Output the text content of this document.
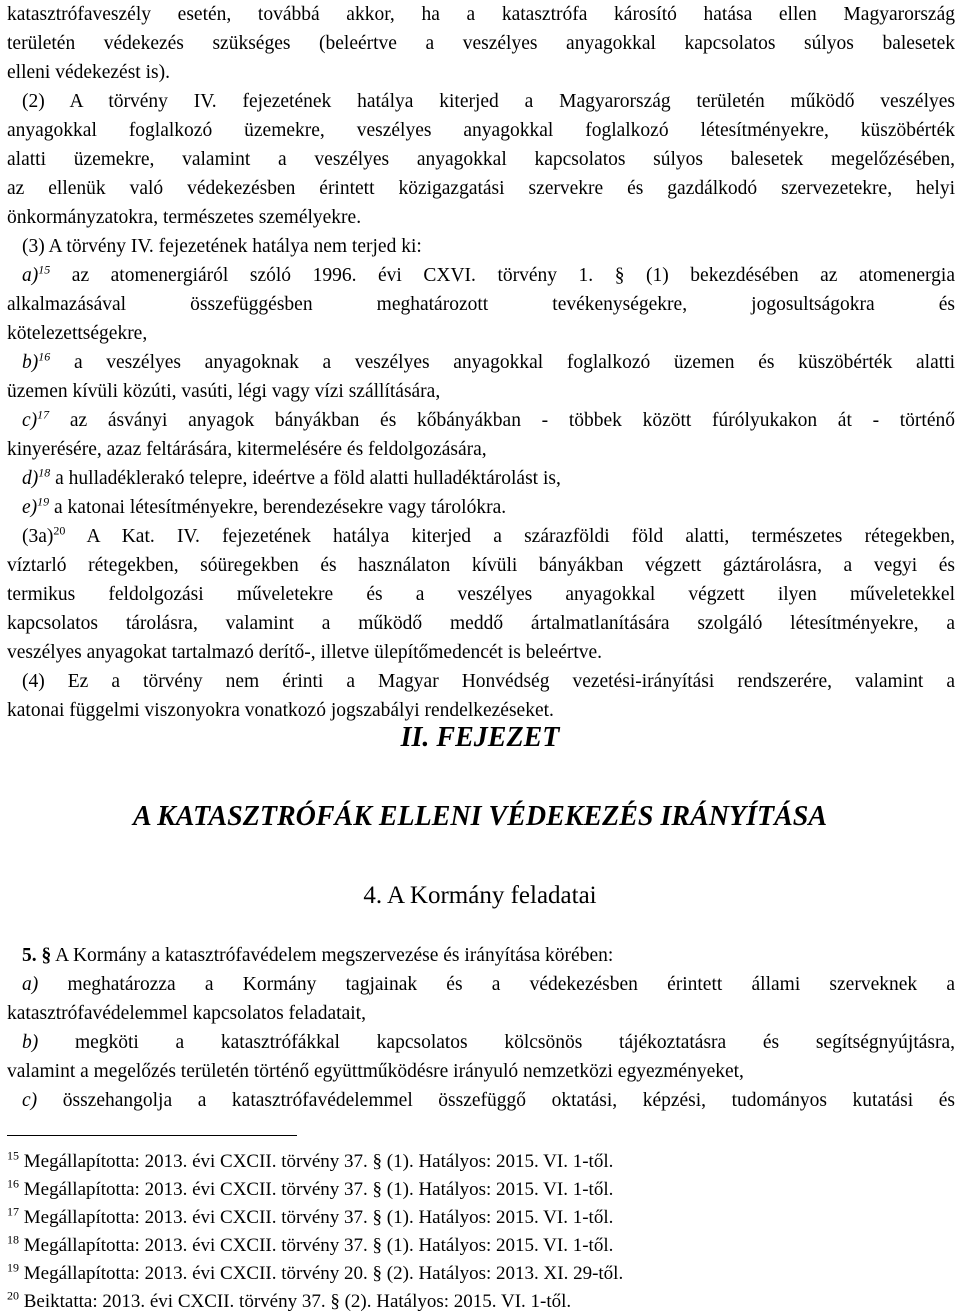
katasztrófaveszély esetén, továbbá akkor, ha a katasztrófa károsító hatása ellen Magyarország
területén védekezés szükséges (beleértve a veszélyes anyagokkal kapcsolatos súlyos balesetek
elleni védekezést is).
(2) A törvény IV. fejezetének hatálya kiterjed a Magyarország területén működő veszélyes
anyagokkal foglalkozó üzemekre, veszélyes anyagokkal foglalkozó létesítményekre, küszöbérték
alatti üzemekre, valamint a veszélyes anyagokkal kapcsolatos súlyos balesetek megelőzésében,
az ellenük való védekezésben érintett közigazgatási szervekre és gazdálkodó szervezetekre, helyi
önkormányzatokra, természetes személyekre.
(3) A törvény IV. fejezetének hatálya nem terjed ki:
a)$^{15}$ az atomenergiáról szóló 1996. évi CXVI. törvény 1. § (1) bekezdésében az atomenergia
alkalmazásával összefüggésben meghatározott tevékenységekre, jogosultságokra és
kötelezettségekre,
b)$^{16}$ a veszélyes anyagoknak a veszélyes anyagokkal foglalkozó üzemen és küszöbérték alatti
üzemen kívüli közúti, vasúti, légi vagy vízi szállítására,
c)$^{17}$ az ásványi anyagok bányákban és kőbányákban - többek között fúrólyukakon át - történő
kinyerésére, azaz feltárására, kitermelésére és feldolgozására,
d)$^{18}$ a hulladéklerakó telepre, ideértve a föld alatti hulladéktárolást is,
e)$^{19}$ a katonai létesítményekre, berendezésekre vagy tárolókra.
$(3a)^{20}$ A Kat. IV. fejezetének hatálya kiterjed a szárazföldi föld alatti, természetes rétegekben,
víztarló rétegekben, sóüregekben és használaton kívüli bányákban végzett gáztárolásra, a vegyi és
termikus feldolgozási műveletekre és a veszélyes anyagokkal végzett ilyen műveletekkel
kapcsolatos tárolásra, valamint a működő meddő ártalmatlanítására szolgáló létesítményekre, a
veszélyes anyagokat tartalmazó derítő-, illetve ülepítőmedencét is beleértve.
(4) Ez a törvény nem érinti a Magyar Honvédség vezetési-irányítási rendszerére, valamint a
katonai függelmi viszonyokra vonatkozó jogszabályi rendelkezéseket.
II. FEJEZET
A KATASZTRÓFÁK ELLENI VÉDEKEZÉS IRÁNYÍTÁSA
4. A Kormány feladatai
5. § A Kormány a katasztrófavédelem megszervezése és irányítása körében:
a) meghatározza a Kormány tagjainak és a védekezésben érintett állami szerveknek a
katasztrófavédelemmel kapcsolatos feladatait,
b) megköti a katasztrófákkal kapcsolatos kölcsönös tájékoztatásra és segítségnyújtásra,
valamint a megelőzés területén történő együttműködésre irányuló nemzetközi egyezményeket,
c) összehangolja a katasztrófavédelemmel összefüggő oktatási, képzési, tudományos kutatási és
$^{15}$ Megállapította: 2013. évi CXCII. törvény 37. § (1). Hatályos: 2015. VI. 1-től.
$^{16}$ Megállapította: 2013. évi CXCII. törvény 37. § (1). Hatályos: 2015. VI. 1-től.
$^{17}$ Megállapította: 2013. évi CXCII. törvény 37. § (1). Hatályos: 2015. VI. 1-től.
$^{18}$ Megállapította: 2013. évi CXCII. törvény 37. § (1). Hatályos: 2015. VI. 1-től.
$^{19}$ Megállapította: 2013. évi CXCII. törvény 20. § (2). Hatályos: 2013. XI. 29-től.
$^{20}$ Beiktatta: 2013. évi CXCII. törvény 37. § (2). Hatályos: 2015. VI. 1-től.
